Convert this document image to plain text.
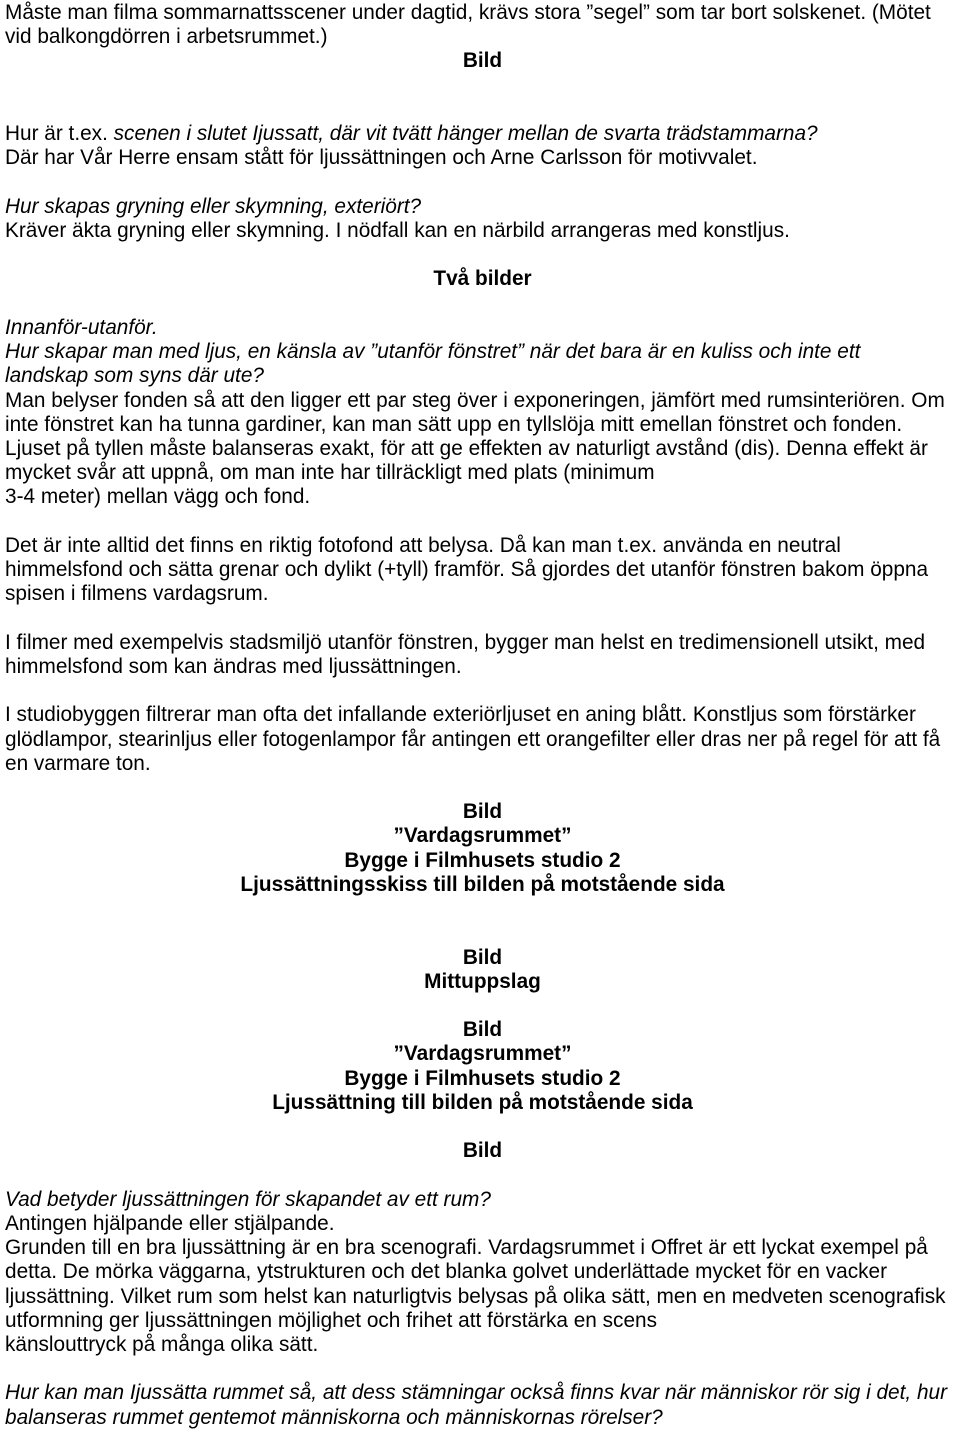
Måste man filma sommarnattsscener under dagtid, krävs stora ”segel” som tar bort solskenet. (Mötet
vid balkongdörren i arbetsrummet.)
Bild
Hur är t.ex. scenen i slutet Ijussatt, där vit tvätt hänger mellan de svarta trädstammarna?
Där har Vår Herre ensam stått för ljussättningen och Arne Carlsson för motivvalet.
Hur skapas gryning eller skymning, exteriört?
Kräver äkta gryning eller skymning. I nödfall kan en närbild arrangeras med konstljus.
Två bilder
Innanför-utanför.
Hur skapar man med ljus, en känsla av ”utanför fönstret” när det bara är en kuliss och inte ett
landskap som syns där ute?
Man belyser fonden så att den ligger ett par steg över i exponeringen, jämfört med rumsinteriören. Om
inte fönstret kan ha tunna gardiner, kan man sätt upp en tyllslöja mitt emellan fönstret och fonden.
Ljuset på tyllen måste balanseras exakt, för att ge effekten av naturligt avstånd (dis). Denna effekt är
mycket svår att uppnå, om man inte har tillräckligt med plats (minimum
3-4 meter) mellan vägg och fond.
Det är inte alltid det finns en riktig fotofond att belysa. Då kan man t.ex. använda en neutral
himmelsfond och sätta grenar och dylikt (+tyll) framför. Så gjordes det utanför fönstren bakom öppna
spisen i filmens vardagsrum.
I filmer med exempelvis stadsmiljö utanför fönstren, bygger man helst en tredimensionell utsikt, med
himmelsfond som kan ändras med ljussättningen.
I studiobyggen filtrerar man ofta det infallande exteriörljuset en aning blått. Konstljus som förstärker
glödlampor, stearinljus eller fotogenlampor får antingen ett orangefilter eller dras ner på regel för att få
en varmare ton.
Bild
”Vardagsrummet”
Bygge i Filmhusets studio 2
Ljussättningsskiss till bilden på motstående sida
Bild
Mittuppslag
Bild
”Vardagsrummet”
Bygge i Filmhusets studio 2
Ljussättning till bilden på motstående sida
Bild
Vad betyder ljussättningen för skapandet av ett rum?
Antingen hjälpande eller stjälpande.
Grunden till en bra ljussättning är en bra scenografi. Vardagsrummet i Offret är ett lyckat exempel på
detta. De mörka väggarna, ytstrukturen och det blanka golvet underlättade mycket för en vacker
ljussättning. Vilket rum som helst kan naturligtvis belysas på olika sätt, men en medveten scenografisk
utformning ger ljussättningen möjlighet och frihet att förstärka en scens
känslouttryck på många olika sätt.
Hur kan man Ijussätta rummet så, att dess stämningar också finns kvar när människor rör sig i det, hur
balanseras rummet gentemot människorna och människornas rörelser?
